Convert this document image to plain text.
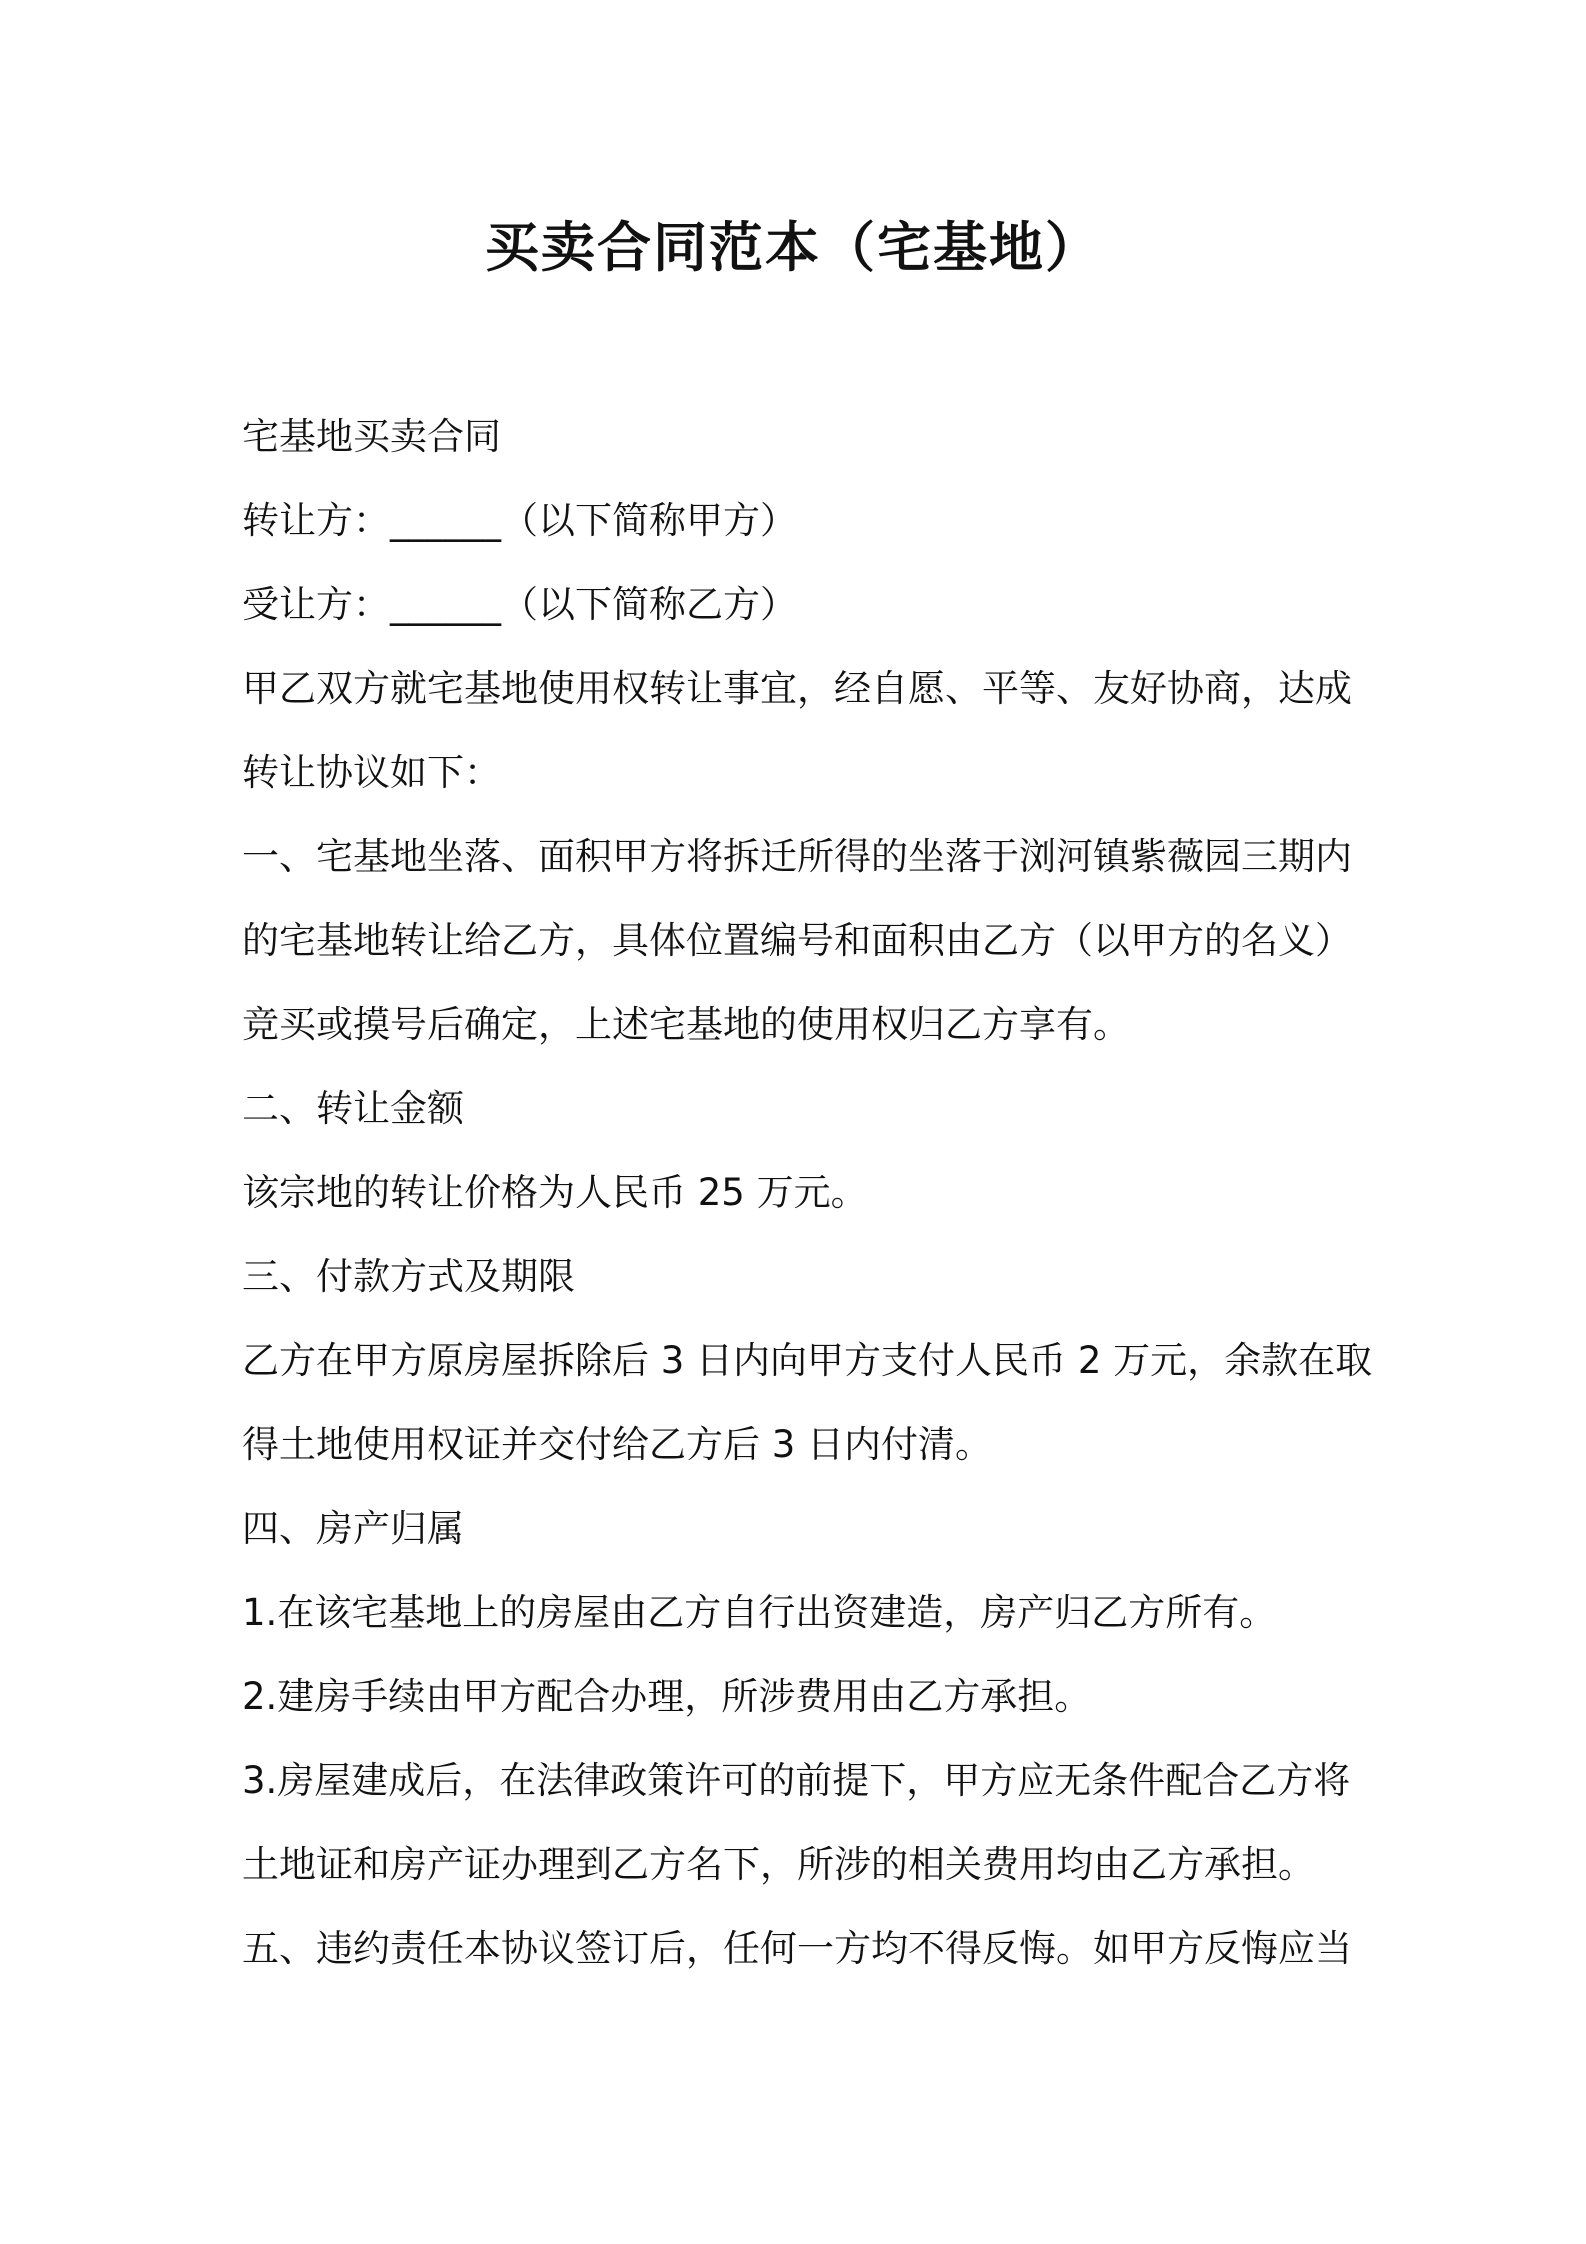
买卖合同范本（宅基地）
宅基地买卖合同
转让方：______（以下简称甲方）
受让方：______（以下简称乙方）
甲乙双方就宅基地使用权转让事宜，经自愿、平等、友好协商，达成
转让协议如下：
一、宅基地坐落、面积甲方将拆迁所得的坐落于浏河镇紫薇园三期内
的宅基地转让给乙方，具体位置编号和面积由乙方（以甲方的名义）
竞买或摸号后确定，上述宅基地的使用权归乙方享有。
二、转让金额
该宗地的转让价格为人民币 25 万元。
三、付款方式及期限
乙方在甲方原房屋拆除后 3 日内向甲方支付人民币 2 万元，余款在取
得土地使用权证并交付给乙方后 3 日内付清。
四、房产归属
1.在该宅基地上的房屋由乙方自行出资建造，房产归乙方所有。
2.建房手续由甲方配合办理，所涉费用由乙方承担。
3.房屋建成后，在法律政策许可的前提下，甲方应无条件配合乙方将
土地证和房产证办理到乙方名下，所涉的相关费用均由乙方承担。
五、违约责任本协议签订后，任何一方均不得反悔。如甲方反悔应当
